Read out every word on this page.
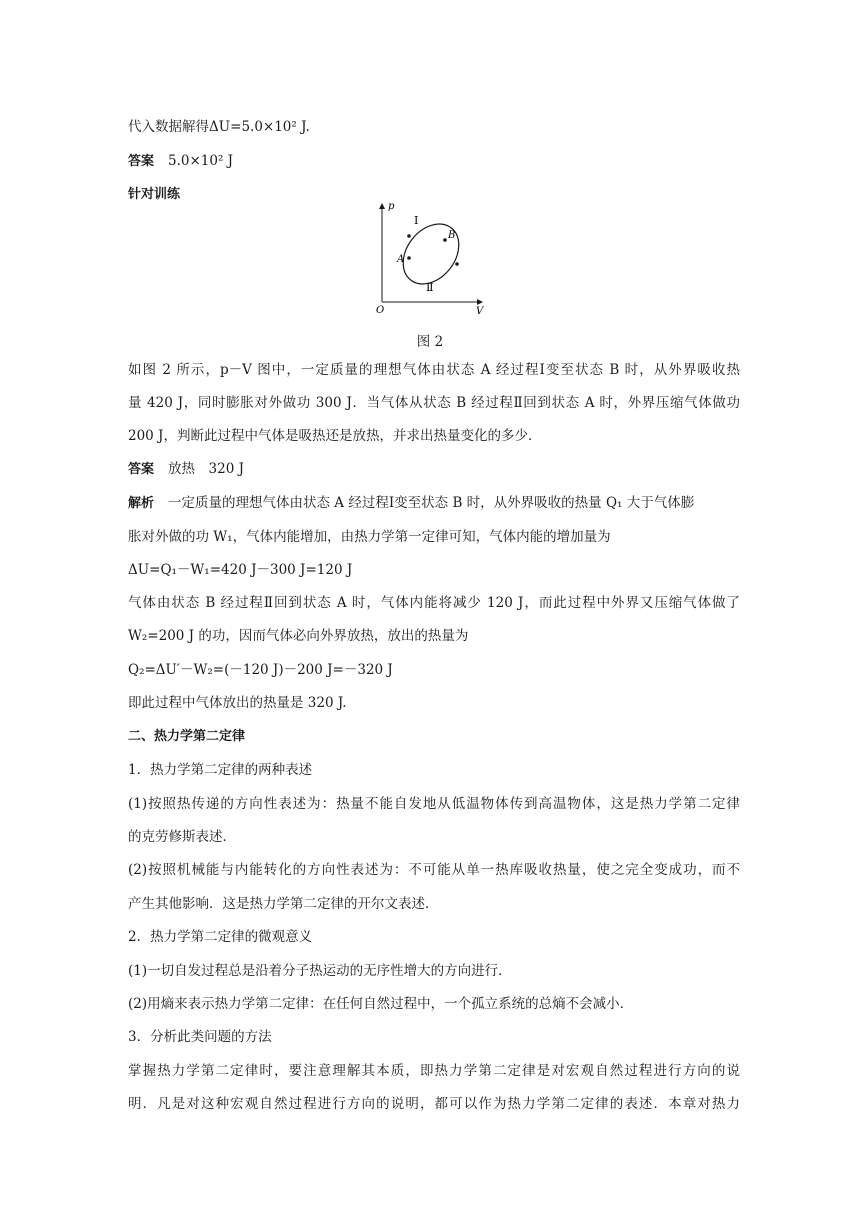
代入数据解得ΔU=5.0×10² J.
答案 5.0×10² J
针对训练
p
V
O
A
B
Ⅰ
Ⅱ
图 2
如图 2 所示，p－V 图中，一定质量的理想气体由状态 A 经过程Ⅰ变至状态 B 时，从外界吸收热
量 420 J，同时膨胀对外做功 300 J．当气体从状态 B 经过程Ⅱ回到状态 A 时，外界压缩气体做功
200 J，判断此过程中气体是吸热还是放热，并求出热量变化的多少．
答案 放热　320 J
解析 一定质量的理想气体由状态 A 经过程Ⅰ变至状态 B 时，从外界吸收的热量 Q₁ 大于气体膨
胀对外做的功 W₁，气体内能增加，由热力学第一定律可知，气体内能的增加量为
ΔU=Q₁－W₁=420 J－300 J=120 J
气体由状态 B 经过程Ⅱ回到状态 A 时，气体内能将减少 120 J，而此过程中外界又压缩气体做了
W₂=200 J 的功，因而气体必向外界放热，放出的热量为
Q₂=ΔU′－W₂=(－120 J)－200 J=－320 J
即此过程中气体放出的热量是 320 J.
二、热力学第二定律
1．热力学第二定律的两种表述
(1)按照热传递的方向性表述为：热量不能自发地从低温物体传到高温物体，这是热力学第二定律
的克劳修斯表述．
(2)按照机械能与内能转化的方向性表述为：不可能从单一热库吸收热量，使之完全变成功，而不
产生其他影响．这是热力学第二定律的开尔文表述．
2．热力学第二定律的微观意义
(1)一切自发过程总是沿着分子热运动的无序性增大的方向进行．
(2)用熵来表示热力学第二定律：在任何自然过程中，一个孤立系统的总熵不会减小．
3．分析此类问题的方法
掌握热力学第二定律时，要注意理解其本质，即热力学第二定律是对宏观自然过程进行方向的说
明．凡是对这种宏观自然过程进行方向的说明，都可以作为热力学第二定律的表述．本章对热力
